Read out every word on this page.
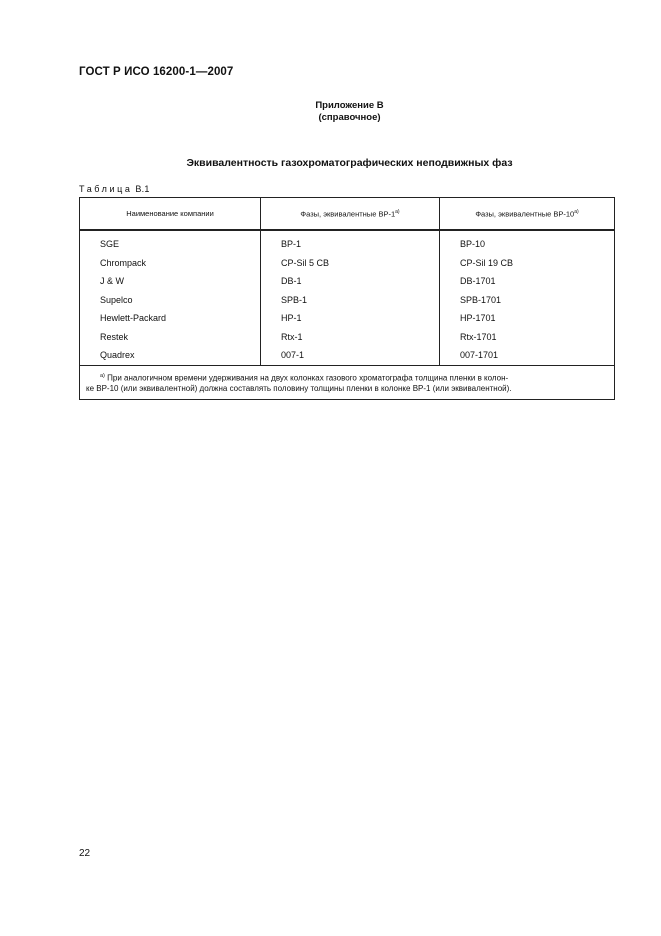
ГОСТ Р ИСО 16200-1—2007
Приложение В
(справочное)
Эквивалентность газохроматографических неподвижных фаз
Таблица В.1
Наименование компании	Фазы, эквивалентные $ВР-1^{а)}$	Фазы, эквивалентные $ВР-10^{а)}$
SGE	BP-1	BP-10
Chrompack	CP-Sil 5 CB	CP-Sil 19 CB
J & W	DB-1	DB-1701
Supelco	SPB-1	SPB-1701
Hewlett-Packard	HP-1	HP-1701
Restek	Rtx-1	Rtx-1701
Quadrex	007-1	007-1701

$^{а)}$ При аналогичном времени удерживания на двух колонках газового хроматографа толщина пленки в колон-
ке ВР-10 (или эквивалентной) должна составлять половину толщины пленки в колонке ВР-1 (или эквивалентной).		
22
